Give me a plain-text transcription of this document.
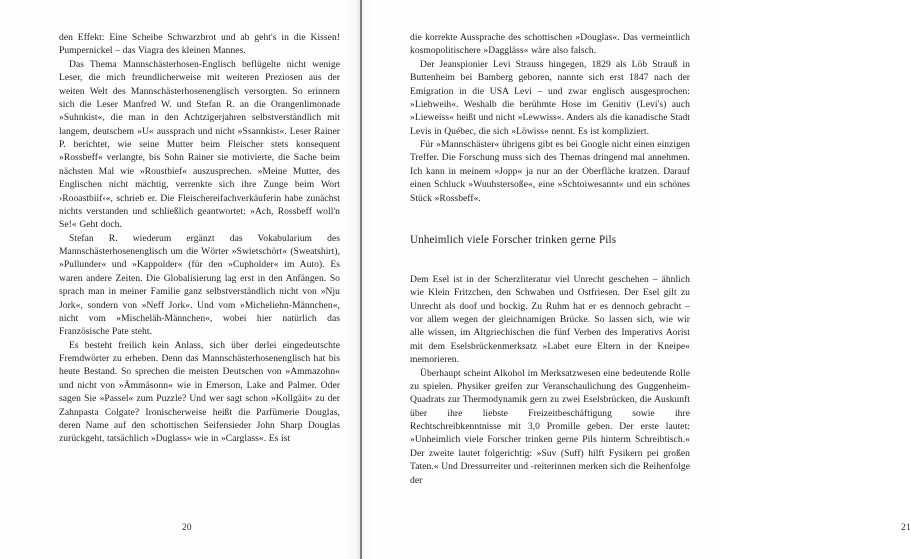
den Effekt: Eine Scheibe Schwarzbrot und ab geht's in die Kissen! Pumpernickel – das Viagra des kleinen Mannes.

Das Thema Mannschästerhosen-Englisch beflügelte nicht wenige Leser, die mich freundlicherweise mit weiteren Preziosen aus der weiten Welt des Mannschästerhosenenglisch versorgten. So erinnern sich die Leser Manfred W. und Stefan R. an die Orangenlimonade »Suhnkist«, die man in den Achtzigerjahren selbstverständlich mit langem, deutschem »U« aussprach und nicht »Ssannkist«. Leser Rainer P. berichtet, wie seine Mutter beim Fleischer stets konsequent »Rossbeff« verlangte, bis Sohn Rainer sie motivierte, die Sache beim nächsten Mal wie »Roustbief« auszusprechen. »Meine Mutter, des Englischen nicht mächtig, verrenkte sich ihre Zunge beim Wort ›Rooastbiif‹«, schrieb er. Die Fleischereifachverkäuferin habe zunächst nichts verstanden und schließlich geantwortet: »Ach, Rossbeff woll'n Se!« Geht doch.

Stefan R. wiederum ergänzt das Vokabularium des Mannschästerhosenenglisch um die Wörter »Swietschört« (Sweatshirt), »Pullunder« und »Kappolder« (für den »Cupholder« im Auto). Es waren andere Zeiten. Die Globalisierung lag erst in den Anfängen. So sprach man in meiner Familie ganz selbstverständlich nicht von »Nju Jork«, sondern von »Neff Jork«. Und vom »Micheliehn-Männchen«, nicht vom »Mischeläh-Männchen«, wobei hier natürlich das Französische Pate steht.

Es besteht freilich kein Anlass, sich über derlei eingedeutschte Fremdwörter zu erheben. Denn das Mannschästerhosenenglisch hat bis heute Bestand. So sprechen die meisten Deutschen von »Ammazohn« und nicht von »Ämmäsonn« wie in Emerson, Lake and Palmer. Oder sagen Sie »Passel« zum Puzzle? Und wer sagt schon »Kollgäit« zu der Zahnpasta Colgate? Ironischerweise heißt die Parfümerie Douglas, deren Name auf den schottischen Seifensieder John Sharp Douglas zurückgeht, tatsächlich »Duglass« wie in »Carglass«. Es ist

20

die korrekte Aussprache des schottischen »Douglas«. Das vermeintlich kosmopolitischere »Daggläss« wäre also falsch.

Der Jeanspionier Levi Strauss hingegen, 1829 als Löb Strauß in Buttenheim bei Bamberg geboren, nannte sich erst 1847 nach der Emigration in die USA Levi – und zwar englisch ausgesprochen: »Liehweih«. Weshalb die berühmte Hose im Genitiv (Levi's) auch »Lieweiss« heißt und nicht »Lewwiss«. Anders als die kanadische Stadt Levis in Québec, die sich »Löwiss« nennt. Es ist kompliziert.

Für »Mannschäster« übrigens gibt es bei Google nicht einen einzigen Treffer. Die Forschung muss sich des Themas dringend mal annehmen. Ich kann in meinem »Jopp« ja nur an der Oberfläche kratzen. Darauf einen Schluck »Wuuhstersoße«, eine »Schtoiwesannt« und ein schönes Stück »Rossbeff«.

Unheimlich viele Forscher trinken gerne Pils

Dem Esel ist in der Scherzliteratur viel Unrecht geschehen – ähnlich wie Klein Fritzchen, den Schwaben und Ostfriesen. Der Esel gilt zu Unrecht als doof und bockig. Zu Ruhm hat er es dennoch gebracht – vor allem wegen der gleichnamigen Brücke. So lassen sich, wie wir alle wissen, im Altgriechischen die fünf Verben des Imperativs Aorist mit dem Eselsbrückenmerksatz »Labet eure Eltern in der Kneipe« memorieren.

Überhaupt scheint Alkohol im Merksatzwesen eine bedeutende Rolle zu spielen. Physiker greifen zur Veranschaulichung des Guggenheim-Quadrats zur Thermodynamik gern zu zwei Eselsbrücken, die Auskunft über ihre liebste Freizeitbeschäftigung sowie ihre Rechtschreibkenntnisse mit 3,0 Promille geben. Der erste lautet: »Unheimlich viele Forscher trinken gerne Pils hinterm Schreibtisch.« Der zweite lautet folgerichtig: »Suv (Suff) hilft Fysikern pei großen Taten.« Und Dressurreiter und -reiterinnen merken sich die Reihenfolge der

21
